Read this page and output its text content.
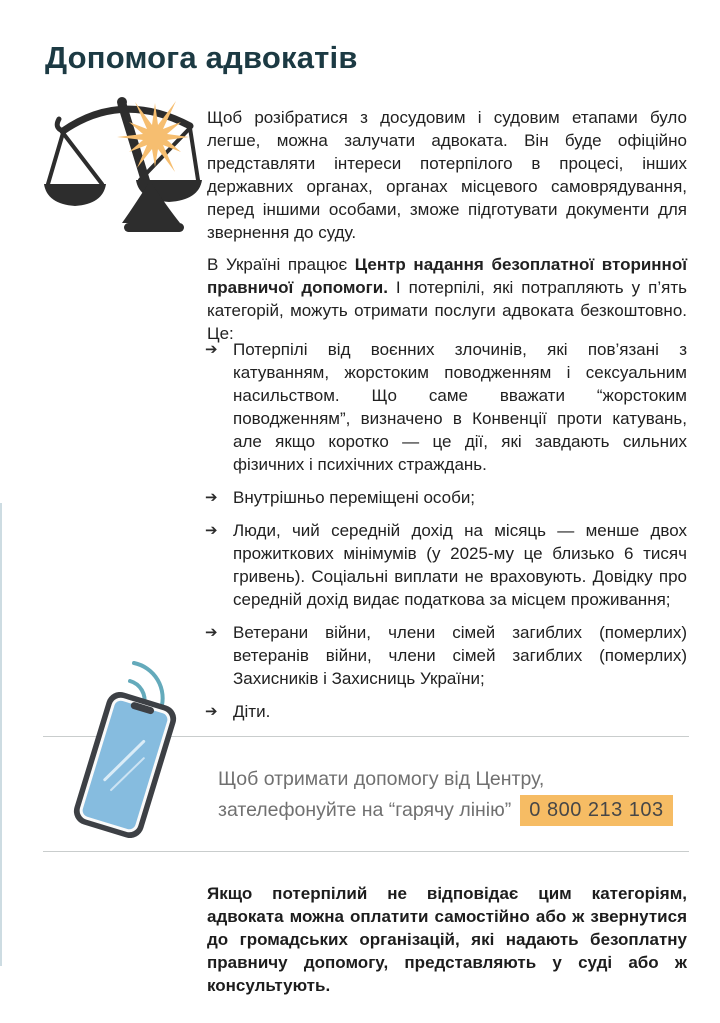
Допомога адвокатів

Щоб розібратися з досудовим і судовим етапами було легше, можна залучати адвоката. Він буде офіційно представляти інтереси потерпілого в процесі, інших державних органах, органах місцевого самоврядування, перед іншими особами, зможе підготувати документи для звернення до суду.

В Україні працює Центр надання безоплатної вторинної правничої допомоги. І потерпілі, які потрапляють у п’ять категорій, можуть отримати послуги адвоката безкоштовно. Це:

➔ Потерпілі від воєнних злочинів, які пов’язані з катуванням, жорстоким поводженням і сексуальним насильством. Що саме вважати “жорстоким поводженням”, визначено в Конвенції проти катувань, але якщо коротко — це дії, які завдають сильних фізичних і психічних страждань.
➔ Внутрішньо переміщені особи;
➔ Люди, чий середній дохід на місяць — менше двох прожиткових мінімумів (у 2025-му це близько 6 тисяч гривень). Соціальні виплати не враховують. Довідку про середній дохід видає податкова за місцем проживання;
➔ Ветерани війни, члени сімей загиблих (померлих) ветеранів війни, члени сімей загиблих (померлих) Захисників і Захисниць України;
➔ Діти.
Щоб отримати допомогу від Центру,
зателефонуйте на “гарячу лінію” 0 800 213 103

Якщо потерпілий не відповідає цим категоріям, адвоката можна оплатити самостійно або ж звернутися до громадських організацій, які надають безоплатну правничу допомогу, представляють у суді або ж консультують.
